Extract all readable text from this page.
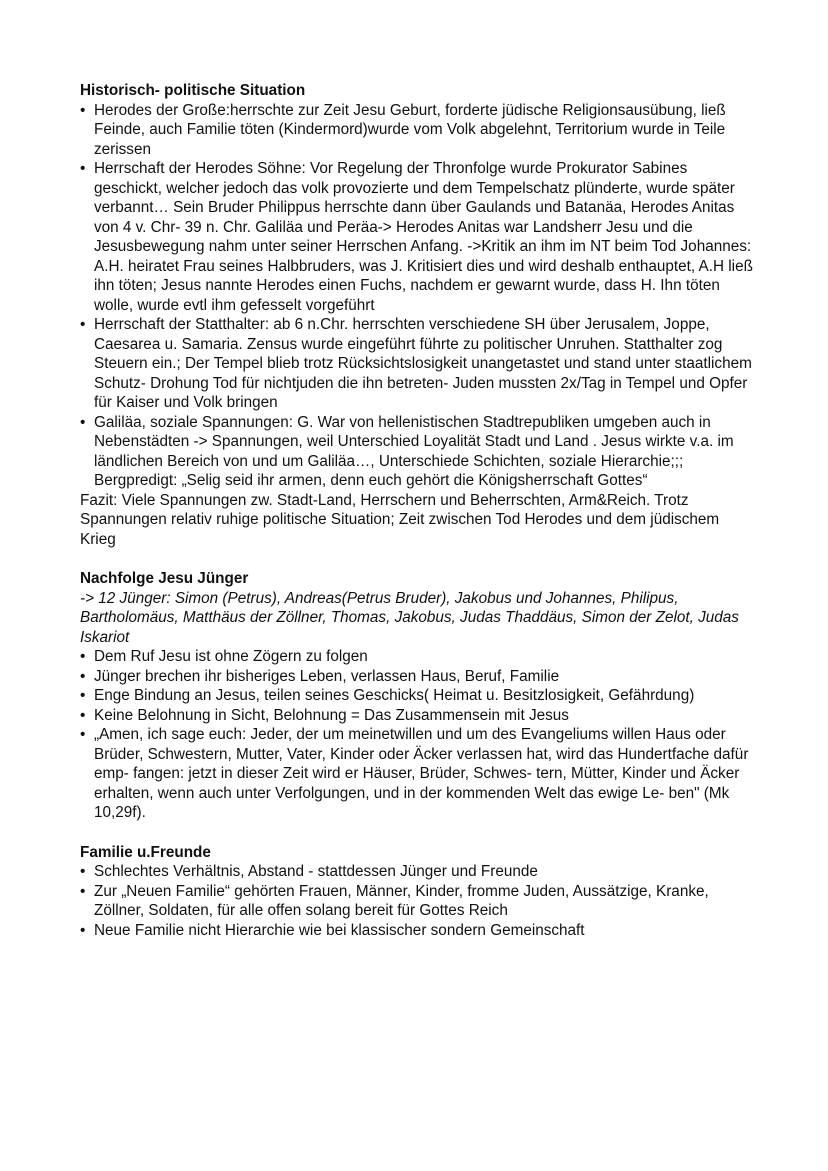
Historisch- politische Situation
• Herodes der Große:herrschte zur Zeit Jesu Geburt, forderte jüdische Religionsausübung, ließ Feinde, auch Familie töten (Kindermord)wurde vom Volk abgelehnt, Territorium wurde in Teile zerissen
• Herrschaft der Herodes Söhne: Vor Regelung der Thronfolge wurde Prokurator Sabines geschickt, welcher jedoch das volk provozierte und dem Tempelschatz plünderte, wurde später verbannt… Sein Bruder Philippus herrschte dann über Gaulands und Batanäa, Herodes Anitas von 4 v. Chr- 39 n. Chr. Galiläa und Peräa-> Herodes Anitas war Landsherr Jesu und die Jesusbewegung nahm unter seiner Herrschen Anfang. ->Kritik an ihm im NT beim Tod Johannes: A.H. heiratet Frau seines Halbbruders, was J. Kritisiert dies und wird deshalb enthauptet, A.H ließ ihn töten; Jesus nannte Herodes einen Fuchs, nachdem er gewarnt wurde, dass H. Ihn töten wolle, wurde evtl ihm gefesselt vorgeführt
• Herrschaft der Statthalter: ab 6 n.Chr. herrschten verschiedene SH über Jerusalem, Joppe, Caesarea u. Samaria. Zensus wurde eingeführt führte zu politischer Unruhen. Statthalter zog Steuern ein.; Der Tempel blieb trotz Rücksichtslosigkeit unangetastet und stand unter staatlichem Schutz- Drohung Tod für nichtjuden die ihn betreten- Juden mussten 2x/Tag in Tempel und Opfer für Kaiser und Volk bringen
• Galiläa, soziale Spannungen: G. War von hellenistischen Stadtrepubliken umgeben auch in Nebenstädten -> Spannungen, weil Unterschied Loyalität Stadt und Land . Jesus wirkte v.a. im ländlichen Bereich von und um Galiläa…, Unterschiede Schichten, soziale Hierarchie;;; Bergpredigt: „Selig seid ihr armen, denn euch gehört die Königsherrschaft Gottes“

Fazit: Viele Spannungen zw. Stadt-Land, Herrschern und Beherrschten, Arm&Reich. Trotz Spannungen relativ ruhige politische Situation; Zeit zwischen Tod Herodes und dem jüdischem Krieg

Nachfolge Jesu Jünger

-> 12 Jünger: Simon (Petrus), Andreas(Petrus Bruder), Jakobus und Johannes, Philipus, Bartholomäus, Matthäus der Zöllner, Thomas, Jakobus, Judas Thaddäus, Simon der Zelot, Judas Iskariot

• Dem Ruf Jesu ist ohne Zögern zu folgen
• Jünger brechen ihr bisheriges Leben, verlassen Haus, Beruf, Familie
• Enge Bindung an Jesus, teilen seines Geschicks( Heimat u. Besitzlosigkeit, Gefährdung)
• Keine Belohnung in Sicht, Belohnung = Das Zusammensein mit Jesus
• „Amen, ich sage euch: Jeder, der um meinetwillen und um des Evangeliums willen Haus oder Brüder, Schwestern, Mutter, Vater, Kinder oder Äcker verlassen hat, wird das Hundertfache dafür emp- fangen: jetzt in dieser Zeit wird er Häuser, Brüder, Schwes- tern, Mütter, Kinder und Äcker erhalten, wenn auch unter Verfolgungen, und in der kommenden Welt das ewige Le- ben" (Mk 10,29f).
Familie u.Freunde
• Schlechtes Verhältnis, Abstand - stattdessen Jünger und Freunde
• Zur „Neuen Familie“ gehörten Frauen, Männer, Kinder, fromme Juden, Aussätzige, Kranke, Zöllner, Soldaten, für alle offen solang bereit für Gottes Reich
• Neue Familie nicht Hierarchie wie bei klassischer sondern Gemeinschaft
